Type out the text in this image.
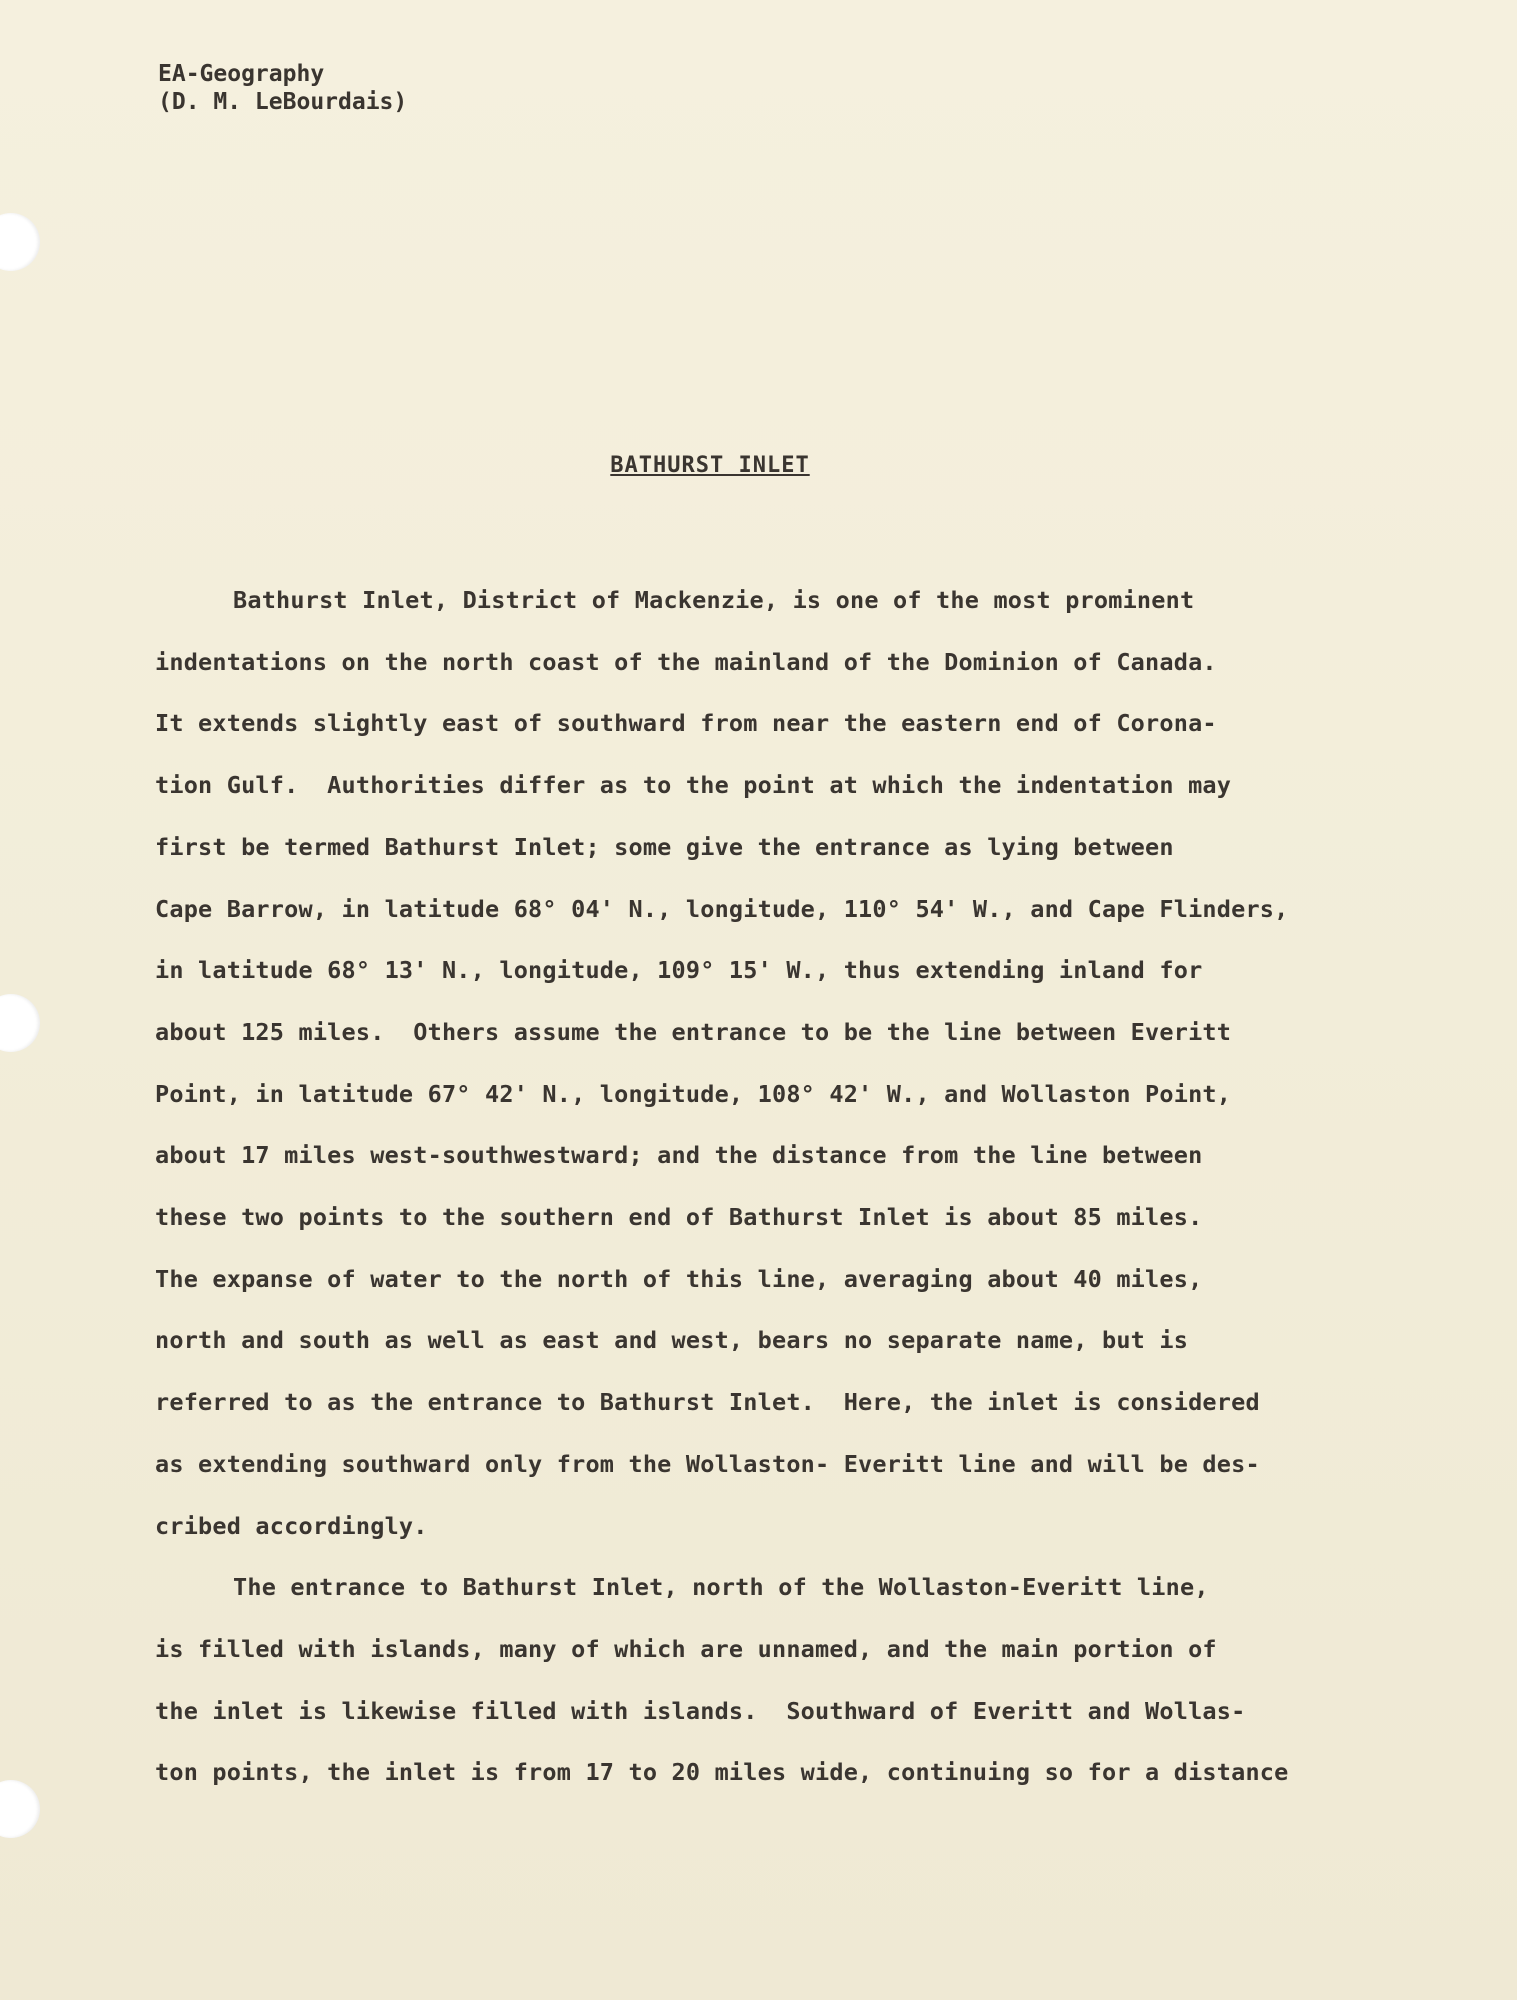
EA-Geography
(D. M. LeBourdais)
BATHURST INLET
Bathurst Inlet, District of Mackenzie, is one of the most prominent
indentations on the north coast of the mainland of the Dominion of Canada.
It extends slightly east of southward from near the eastern end of Corona-
tion Gulf.  Authorities differ as to the point at which the indentation may
first be termed Bathurst Inlet; some give the entrance as lying between
Cape Barrow, in latitude 68° 04' N., longitude, 110° 54' W., and Cape Flinders,
in latitude 68° 13' N., longitude, 109° 15' W., thus extending inland for
about 125 miles.  Others assume the entrance to be the line between Everitt
Point, in latitude 67° 42' N., longitude, 108° 42' W., and Wollaston Point,
about 17 miles west-southwestward; and the distance from the line between
these two points to the southern end of Bathurst Inlet is about 85 miles.
The expanse of water to the north of this line, averaging about 40 miles,
north and south as well as east and west, bears no separate name, but is
referred to as the entrance to Bathurst Inlet.  Here, the inlet is considered
as extending southward only from the Wollaston- Everitt line and will be des-
cribed accordingly.
The entrance to Bathurst Inlet, north of the Wollaston-Everitt line,
is filled with islands, many of which are unnamed, and the main portion of
the inlet is likewise filled with islands.  Southward of Everitt and Wollas-
ton points, the inlet is from 17 to 20 miles wide, continuing so for a distance
